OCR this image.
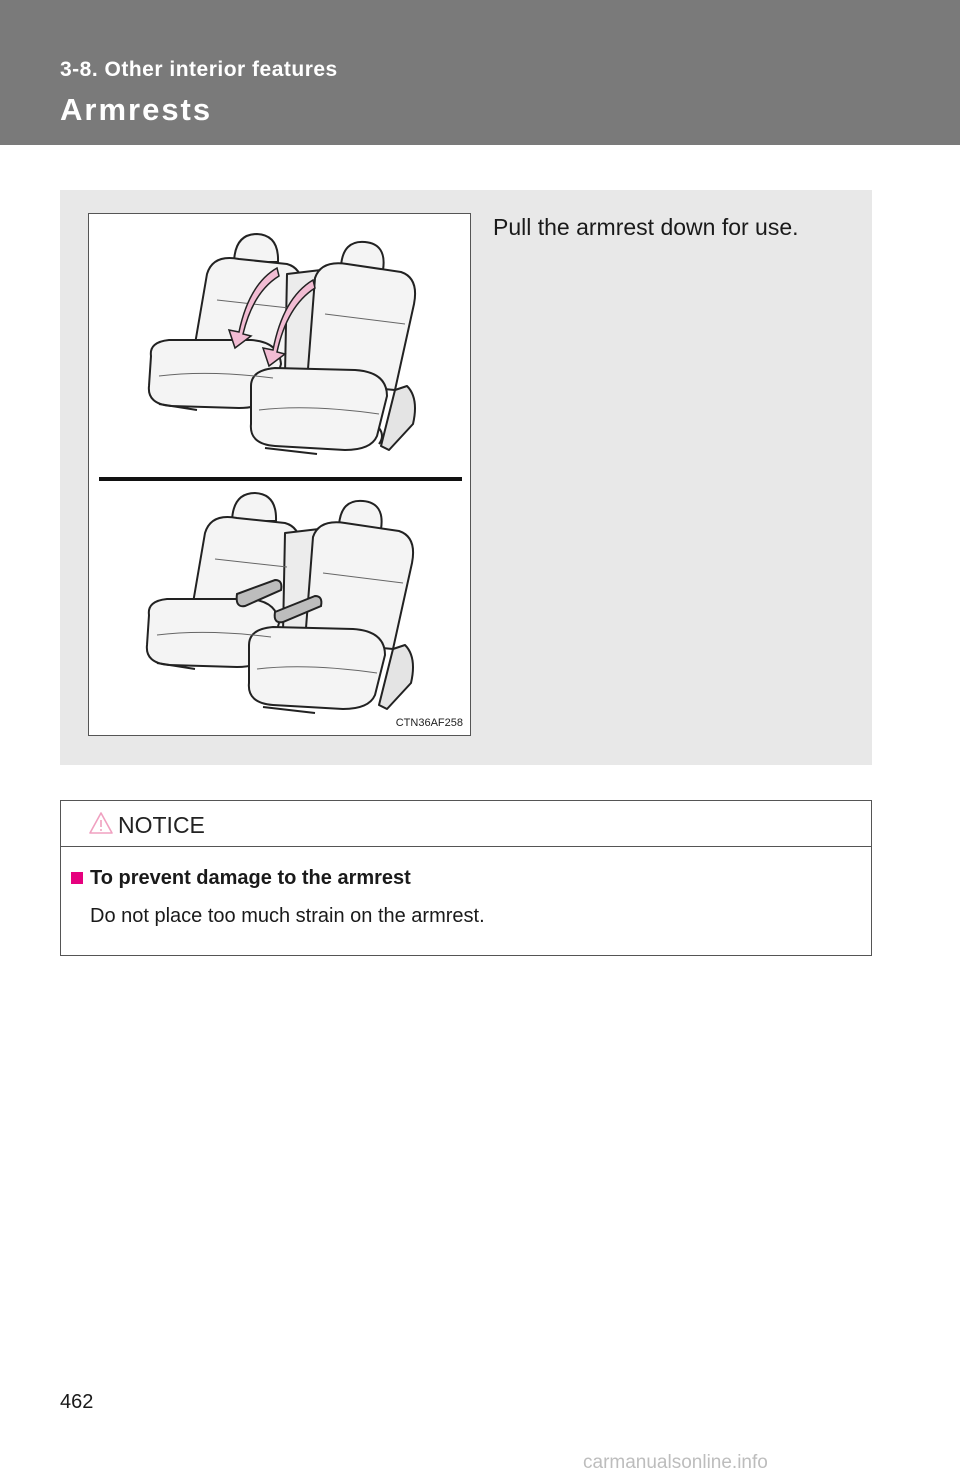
3-8. Other interior features
Armrests
CTN36AF258
Pull the armrest down for use.
NOTICE
To prevent damage to the armrest
Do not place too much strain on the armrest.
462
carmanualsonline.info
